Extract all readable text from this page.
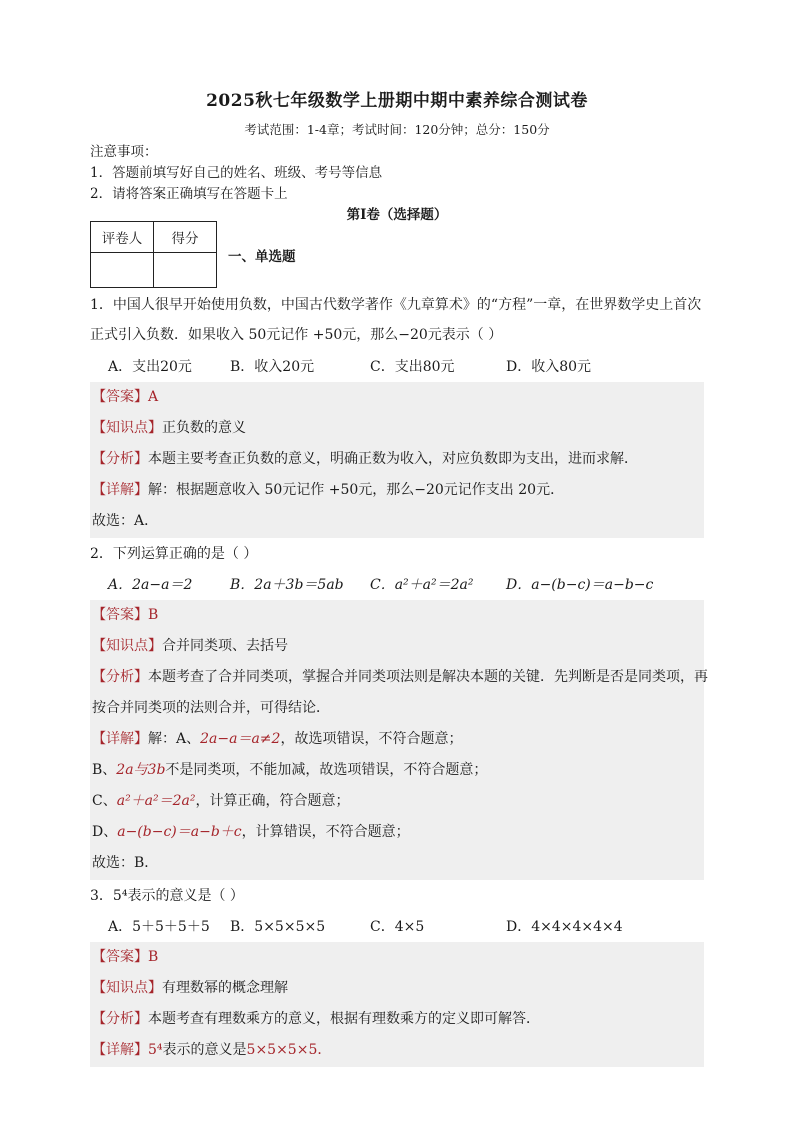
2025秋七年级数学上册期中期中素养综合测试卷
考试范围：1-4章；考试时间：120分钟；总分：150分
注意事项：
1．答题前填写好自己的姓名、班级、考号等信息
2．请将答案正确填写在答题卡上
第I卷（选择题）
评卷人	得分

一、单选题
1．中国人很早开始使用负数，中国古代数学著作《九章算术》的“方程”一章，在世界数学史上首次
正式引入负数．如果收入 50元记作 +50元，那么−20元表示（ ）
A．支出20元	B．收入20元	C．支出80元	D．收入80元
【答案】A
【知识点】正负数的意义
【分析】本题主要考查正负数的意义，明确正数为收入，对应负数即为支出，进而求解．
【详解】解：根据题意收入 50元记作 +50元，那么−20元记作支出 20元．
故选：A．
2．下列运算正确的是（ ）
A．2a−a＝2	B．2a＋3b＝5ab C．a²＋a²＝2a² D．a−(b−c)＝a−b−c
【答案】B
【知识点】合并同类项、去括号
【分析】本题考查了合并同类项，掌握合并同类项法则是解决本题的关键．先判断是否是同类项，再
按合并同类项的法则合并，可得结论．
【详解】解：A、2a−a＝a≠2，故选项错误，不符合题意；
B、2a与3b不是同类项，不能加减，故选项错误，不符合题意；
C、a²＋a²＝2a²，计算正确，符合题意；
D、a−(b−c)＝a−b＋c，计算错误，不符合题意；
故选：B．
3．5⁴表示的意义是（ ）
A．5＋5＋5＋5 B．5×5×5×5	C．4×5	D．4×4×4×4×4
【答案】B
【知识点】有理数幂的概念理解
【分析】本题考查有理数乘方的意义，根据有理数乘方的定义即可解答．
【详解】5⁴表示的意义是5×5×5×5．
